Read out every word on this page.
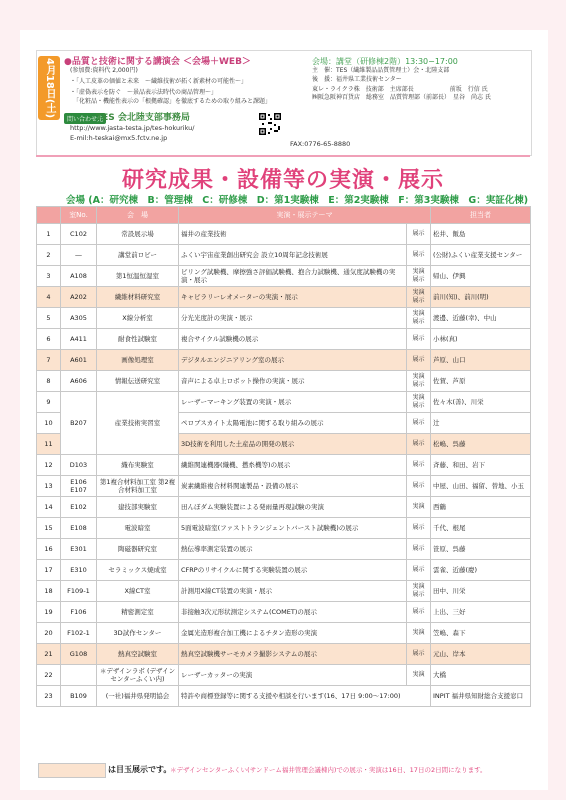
4月18日(土)	●品質と技術に関する講演会 ＜会場＋WEB＞
(参加費:資料代 2,000円)
・「人工皮革の価値と未来　〜繊維技術が拓く新素材の可能性〜」
・「虚偽表示を防ぐ　〜景品表示法時代の商品管理〜」
　「化粧品・機能性表示の「根拠確認」を徹底するための取り組みと課題」
会場：講堂（研修棟2階）13:30−17:00
主　催：TES（繊維製品品質管理士）会・北陸支部
後　援：福井県工業技術センター
東レ・ライクラ株　技術部　主席部長　　　　　　前坂　行信 氏
㈱阪急阪神百貨店　総務室　品質管理部（前部長）　星谷　尚志 氏
問い合わせ先
TES 会北陸支部事務局
http://www.jasta-testa.jp/tes-hokuriku/
E-mil:h-teskai@mx5.fctv.ne.jp
FAX:0776-65-8880
研究成果・設備等の実演・展示
会場 (A：研究棟　B：管理棟　C：研修棟　D：第1実験棟　E：第2実験棟　F：第3実験棟　G：実証化棟)
	室No.	会　場	実演・展示テーマ		担当者
1	C102	常設展示場	福井の産業技術	展示	松井、飯島
2	―	講堂前ロビー	ふくい宇宙産業創出研究会 設立10周年記念技術展	展示	(公財)ふくい産業支援センター
3	A108	第1恒温恒湿室	ピリング試験機、摩擦強さ評価試験機、抱合力試験機、通気度試験機の実演・展示	実演 展示	帰山、伊興
4	A202	繊維材料研究室	キャピラリーレオメーターの実演・展示	実演 展示	前川(知)、前川(明)
5	A305	X線分析室	分光光度計の実演・展示	実演 展示	渡邊、近藤(幸)、中山
6	A411	耐食性試験室	複合サイクル試験機の展示	展示	小林(真)
7	A601	画像処理室	デジタルエンジニアリング室の展示	展示	芦原、山口
8	A606	情報伝送研究室	音声による卓上ロボット操作の実演・展示	実演 展示	佐賀、芦原
9	B207	産業技術実習室	レーザーマーキング装置の実演・展示	実演 展示	佐々木(善)、川栄
10			ペロブスカイト太陽電池に関する取り組みの展示	展示	辻
11			3D技術を利用した土産品の開発の展示	展示	松嶋、呉藤
12	D103	織布実験室	繊維関連機器(織機、撚糸機等)の展示	展示	斉藤、和田、岩下
13	E106 E107	第1複合材料加工室 第2複合材料加工室	炭素繊維複合材料関連製品・設備の展示	展示	中屋、山田、福留、替地、小玉
14	E102	建技部実験室	田んぼダム実験装置による発雨量再現試験の実演	実演	西鶴
15	E108	電波暗室	5面電波暗室(ファストトランジェントバースト試験機)の展示	展示	千代、根尾
16	E301	陶磁器研究室	熱伝導率測定装置の展示	展示	笹原、呉藤
17	E310	セラミックス焼成室	CFRPのリサイクルに関する実験装置の展示	展示	雲雀、近藤(慶)
18	F109-1	X線CT室	計測用X線CT装置の実演・展示	実演 展示	田中、川栄
19	F106	精密測定室	非接触3次元形状測定システム(COMET)の展示	展示	上出、三好
20	F102-1	3D試作センター	金属光造形複合加工機によるチタン造形の実演	実演	笠嶋、森下
21	G108	熱真空試験室	熱真空試験機サーモカメラ撮影システムの展示	展示	元山、岸本
22		＊デザインラボ (デザインセンターふくい内)	レーザーカッターの実演	実演	大橋
23	B109	(一社)福井県発明協会	特許や商標登録等に関する支援や相談を行います(16、17日 9:00〜17:00)		INPIT 福井県知財総合支援窓口
は目玉展示です。
＊デザインセンターふくい(サンドーム福井管理会議棟内)での展示・実演は16日、17日の2日間になります。
